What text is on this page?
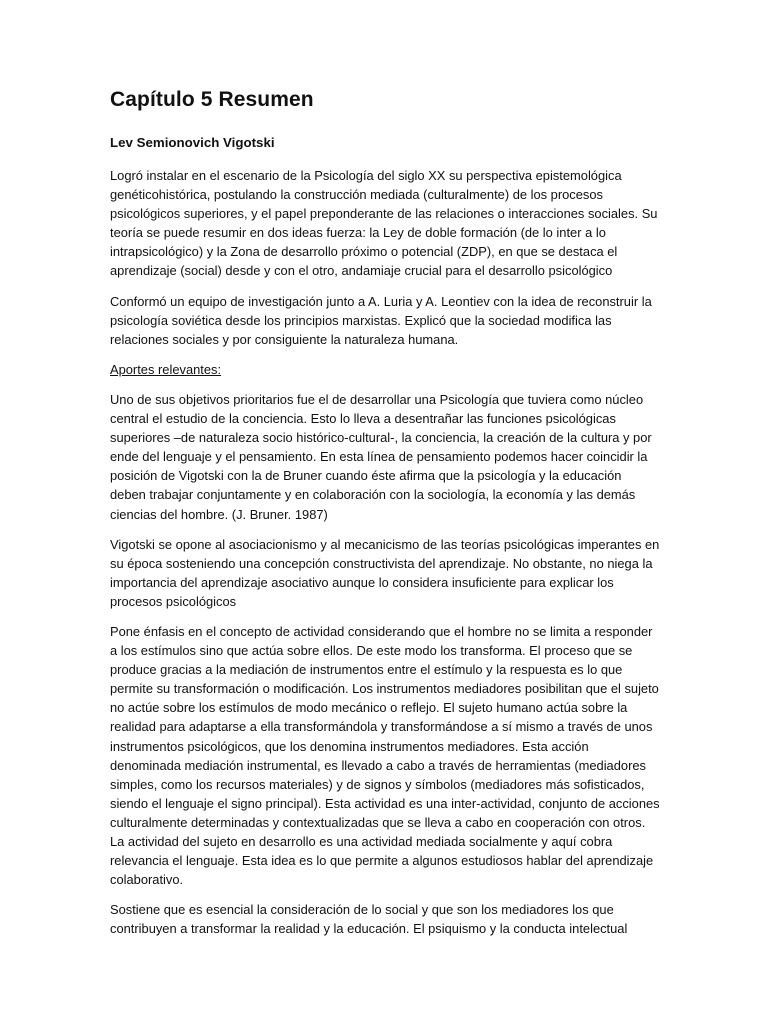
Capítulo 5 Resumen
Lev Semionovich Vigotski

Logró instalar en el escenario de la Psicología del siglo XX su perspectiva epistemológica genéticohistórica, postulando la construcción mediada (culturalmente) de los procesos psicológicos superiores, y el papel preponderante de las relaciones o interacciones sociales. Su teoría se puede resumir en dos ideas fuerza: la Ley de doble formación (de lo inter a lo intrapsicológico) y la Zona de desarrollo próximo o potencial (ZDP), en que se destaca el aprendizaje (social) desde y con el otro, andamiaje crucial para el desarrollo psicológico

Conformó un equipo de investigación junto a A. Luria y A. Leontiev con la idea de reconstruir la psicología soviética desde los principios marxistas. Explicó que la sociedad modifica las relaciones sociales y por consiguiente la naturaleza humana.

Aportes relevantes:

Uno de sus objetivos prioritarios fue el de desarrollar una Psicología que tuviera como núcleo central el estudio de la conciencia. Esto lo lleva a desentrañar las funciones psicológicas superiores –de naturaleza socio histórico-cultural-, la conciencia, la creación de la cultura y por ende del lenguaje y el pensamiento. En esta línea de pensamiento podemos hacer coincidir la posición de Vigotski con la de Bruner cuando éste afirma que la psicología y la educación deben trabajar conjuntamente y en colaboración con la sociología, la economía y las demás ciencias del hombre. (J. Bruner. 1987)

Vigotski se opone al asociacionismo y al mecanicismo de las teorías psicológicas imperantes en su época sosteniendo una concepción constructivista del aprendizaje. No obstante, no niega la importancia del aprendizaje asociativo aunque lo considera insuficiente para explicar los procesos psicológicos

Pone énfasis en el concepto de actividad considerando que el hombre no se limita a responder a los estímulos sino que actúa sobre ellos. De este modo los transforma. El proceso que se produce gracias a la mediación de instrumentos entre el estímulo y la respuesta es lo que permite su transformación o modificación. Los instrumentos mediadores posibilitan que el sujeto no actúe sobre los estímulos de modo mecánico o reflejo. El sujeto humano actúa sobre la realidad para adaptarse a ella transformándola y transformándose a sí mismo a través de unos instrumentos psicológicos, que los denomina instrumentos mediadores. Esta acción denominada mediación instrumental, es llevado a cabo a través de herramientas (mediadores simples, como los recursos materiales) y de signos y símbolos (mediadores más sofisticados, siendo el lenguaje el signo principal). Esta actividad es una inter-actividad, conjunto de acciones culturalmente determinadas y contextualizadas que se lleva a cabo en cooperación con otros. La actividad del sujeto en desarrollo es una actividad mediada socialmente y aquí cobra relevancia el lenguaje. Esta idea es lo que permite a algunos estudiosos hablar del aprendizaje colaborativo.

Sostiene que es esencial la consideración de lo social y que son los mediadores los que contribuyen a transformar la realidad y la educación. El psiquismo y la conducta intelectual
